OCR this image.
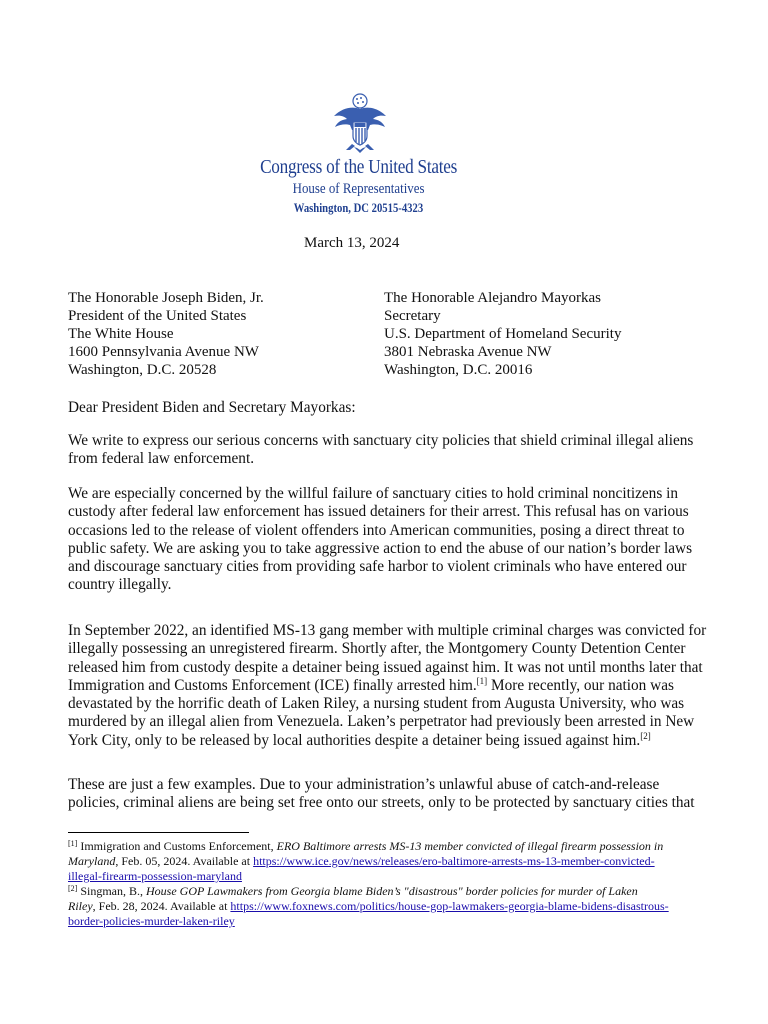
Congress of the United States
House of Representatives
Washington, DC 20515-4323
March 13, 2024
The Honorable Joseph Biden, Jr.
President of the United States
The White House
1600 Pennsylvania Avenue NW
Washington, D.C. 20528
The Honorable Alejandro Mayorkas
Secretary
U.S. Department of Homeland Security
3801 Nebraska Avenue NW
Washington, D.C. 20016
Dear President Biden and Secretary Mayorkas:
We write to express our serious concerns with sanctuary city policies that shield criminal illegal aliens
from federal law enforcement.
We are especially concerned by the willful failure of sanctuary cities to hold criminal noncitizens in
custody after federal law enforcement has issued detainers for their arrest. This refusal has on various
occasions led to the release of violent offenders into American communities, posing a direct threat to
public safety. We are asking you to take aggressive action to end the abuse of our nation’s border laws
and discourage sanctuary cities from providing safe harbor to violent criminals who have entered our
country illegally.
In September 2022, an identified MS-13 gang member with multiple criminal charges was convicted for
illegally possessing an unregistered firearm. Shortly after, the Montgomery County Detention Center
released him from custody despite a detainer being issued against him. It was not until months later that
Immigration and Customs Enforcement (ICE) finally arrested him.[1] More recently, our nation was
devastated by the horrific death of Laken Riley, a nursing student from Augusta University, who was
murdered by an illegal alien from Venezuela. Laken’s perpetrator had previously been arrested in New
York City, only to be released by local authorities despite a detainer being issued against him.[2]
These are just a few examples. Due to your administration’s unlawful abuse of catch-and-release
policies, criminal aliens are being set free onto our streets, only to be protected by sanctuary cities that
[1] Immigration and Customs Enforcement, ERO Baltimore arrests MS-13 member convicted of illegal firearm possession in
Maryland, Feb. 05, 2024. Available at https://www.ice.gov/news/releases/ero-baltimore-arrests-ms-13-member-convicted-
illegal-firearm-possession-maryland
[2] Singman, B., House GOP Lawmakers from Georgia blame Biden’s "disastrous" border policies for murder of Laken
Riley, Feb. 28, 2024. Available at https://www.foxnews.com/politics/house-gop-lawmakers-georgia-blame-bidens-disastrous-
border-policies-murder-laken-riley
